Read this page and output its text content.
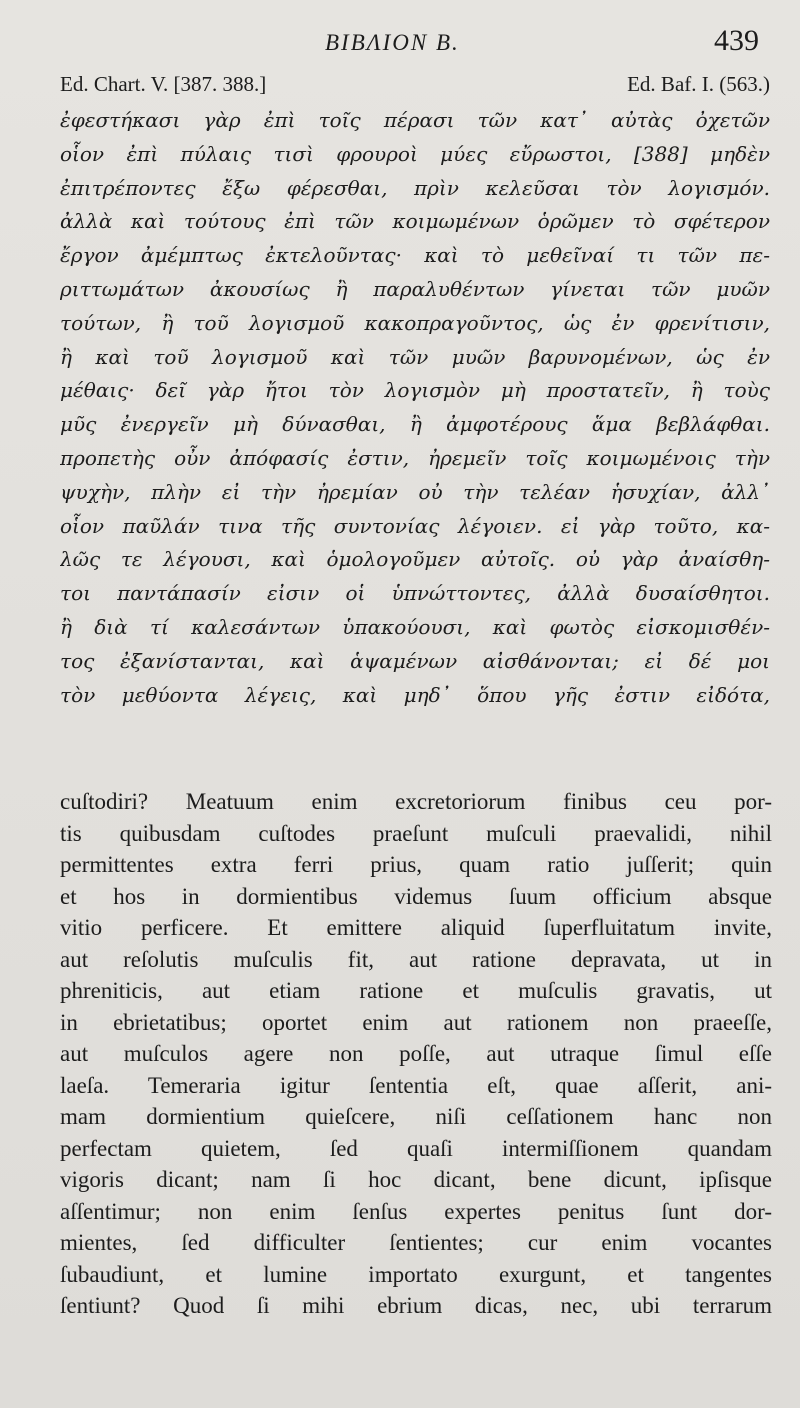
ΒΙΒΛΙΟΝ Β.	439
Ed. Chart. V. [387. 388.]	Ed. Baf. I. (563.)
ἐφεστήκασι γὰρ ἐπὶ τοῖς πέρασι τῶν κατ᾽ αὐτὰς ὀχετῶν
οἷον ἐπὶ πύλαις τισὶ φρουροὶ μύες εὔρωστοι, [388] μηδὲν
ἐπιτρέποντες ἔξω φέρεσθαι, πρὶν κελεῦσαι τὸν λογισμόν.
ἀλλὰ καὶ τούτους ἐπὶ τῶν κοιμωμένων ὁρῶμεν τὸ σφέτερον
ἔργον ἀμέμπτως ἐκτελοῦντας· καὶ τὸ μεθεῖναί τι τῶν πε-
ριττωμάτων ἀκουσίως ἢ παραλυθέντων γίνεται τῶν μυῶν
τούτων, ἢ τοῦ λογισμοῦ κακοπραγοῦντος, ὡς ἐν φρενίτισιν,
ἢ καὶ τοῦ λογισμοῦ καὶ τῶν μυῶν βαρυνομένων, ὡς ἐν
μέθαις· δεῖ γὰρ ἤτοι τὸν λογισμὸν μὴ προστατεῖν, ἢ τοὺς
μῦς ἐνεργεῖν μὴ δύνασθαι, ἢ ἀμφοτέρους ἅμα βεβλάφθαι.
προπετὴς οὖν ἀπόφασίς ἐστιν, ἠρεμεῖν τοῖς κοιμωμένοις τὴν
ψυχὴν, πλὴν εἰ τὴν ἠρεμίαν οὐ τὴν τελέαν ἡσυχίαν, ἀλλ᾽
οἷον παῦλάν τινα τῆς συντονίας λέγοιεν. εἰ γὰρ τοῦτο, κα-
λῶς τε λέγουσι, καὶ ὁμολογοῦμεν αὐτοῖς. οὐ γὰρ ἀναίσθη-
τοι παντάπασίν εἰσιν οἱ ὑπνώττοντες, ἀλλὰ δυσαίσθητοι.
ἢ διὰ τί καλεσάντων ὑπακούουσι, καὶ φωτὸς εἰσκομισθέν-
τος ἐξανίστανται, καὶ ἁψαμένων αἰσθάνονται; εἰ δέ μοι
τὸν μεθύοντα λέγεις, καὶ μηδ᾽ ὅπου γῆς ἐστιν εἰδότα,
cuſtodiri? Meatuum enim excretoriorum finibus ceu por-
tis quibusdam cuſtodes praeſunt muſculi praevalidi, nihil
permittentes extra ferri prius, quam ratio juſſerit; quin
et hos in dormientibus videmus ſuum officium absque
vitio perficere. Et emittere aliquid ſuperfluitatum invite,
aut reſolutis muſculis fit, aut ratione depravata, ut in
phreniticis, aut etiam ratione et muſculis gravatis, ut
in ebrietatibus; oportet enim aut rationem non praeeſſe,
aut muſculos agere non poſſe, aut utraque ſimul eſſe
laeſa. Temeraria igitur ſententia eſt, quae aſſerit, ani-
mam dormientium quieſcere, niſi ceſſationem hanc non
perfectam quietem, ſed quaſi intermiſſionem quandam
vigoris dicant; nam ſi hoc dicant, bene dicunt, ipſisque
aſſentimur; non enim ſenſus expertes penitus ſunt dor-
mientes, ſed difficulter ſentientes; cur enim vocantes
ſubaudiunt, et lumine importato exurgunt, et tangentes
ſentiunt? Quod ſi mihi ebrium dicas, nec, ubi terrarum
